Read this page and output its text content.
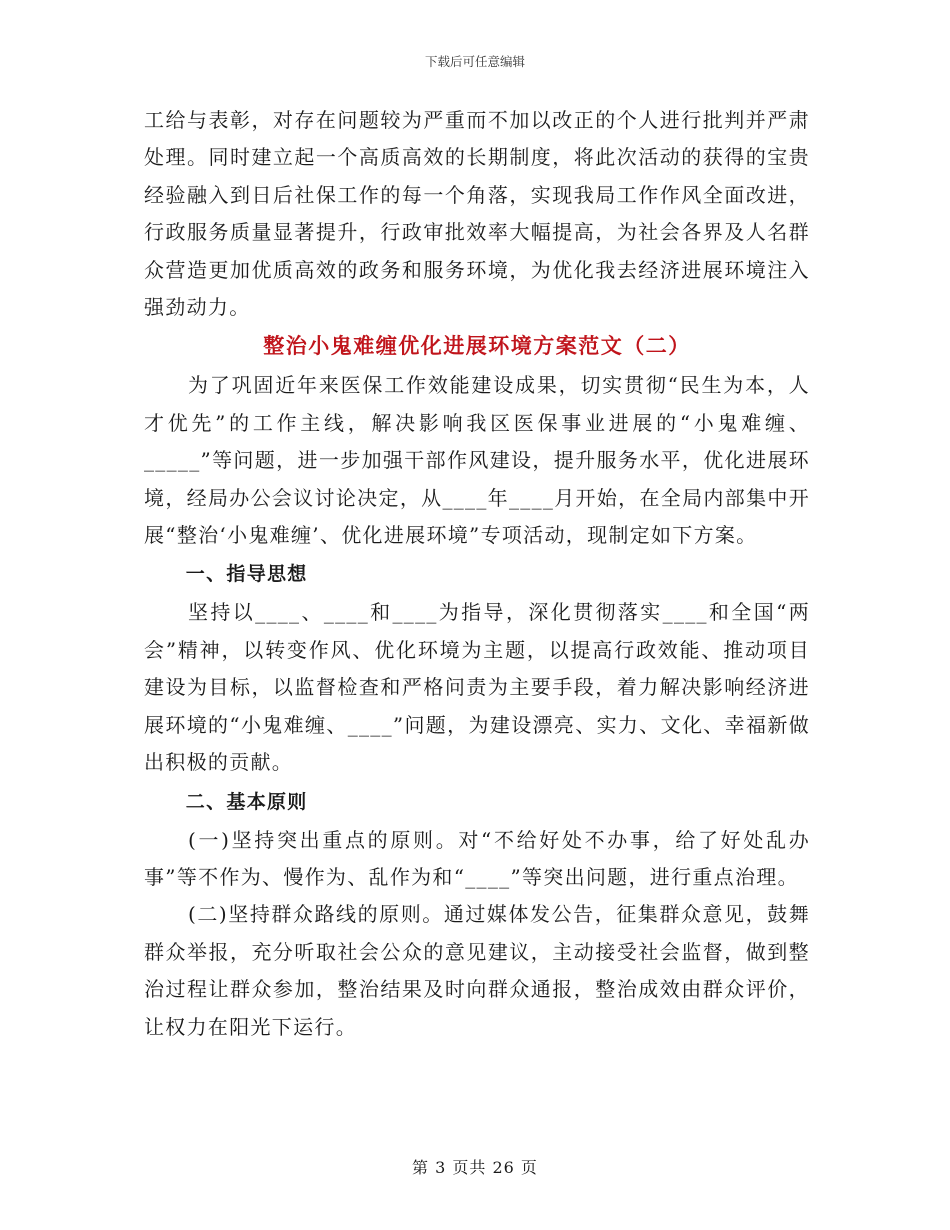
下载后可任意编辑

工给与表彰，对存在问题较为严重而不加以改正的个人进行批判并严肃处理。同时建立起一个高质高效的长期制度，将此次活动的获得的宝贵经验融入到日后社保工作的每一个角落，实现我局工作作风全面改进，行政服务质量显著提升，行政审批效率大幅提高，为社会各界及人名群众营造更加优质高效的政务和服务环境，为优化我去经济进展环境注入强劲动力。

整治小鬼难缠优化进展环境方案范文（二）

为了巩固近年来医保工作效能建设成果，切实贯彻“民生为本，人才优先”的工作主线，解决影响我区医保事业进展的“小鬼难缠、_____”等问题，进一步加强干部作风建设，提升服务水平，优化进展环境，经局办公会议讨论决定，从____年____月开始，在全局内部集中开展“整治‘小鬼难缠’、优化进展环境”专项活动，现制定如下方案。

一、指导思想

坚持以____、____和____为指导，深化贯彻落实____和全国“两会”精神，以转变作风、优化环境为主题，以提高行政效能、推动项目建设为目标，以监督检查和严格问责为主要手段，着力解决影响经济进展环境的“小鬼难缠、____”问题，为建设漂亮、实力、文化、幸福新做出积极的贡献。

二、基本原则

(一)坚持突出重点的原则。对“不给好处不办事，给了好处乱办事”等不作为、慢作为、乱作为和“____”等突出问题，进行重点治理。

(二)坚持群众路线的原则。通过媒体发公告，征集群众意见，鼓舞群众举报，充分听取社会公众的意见建议，主动接受社会监督，做到整治过程让群众参加，整治结果及时向群众通报，整治成效由群众评价，让权力在阳光下运行。

第 3 页共 26 页
